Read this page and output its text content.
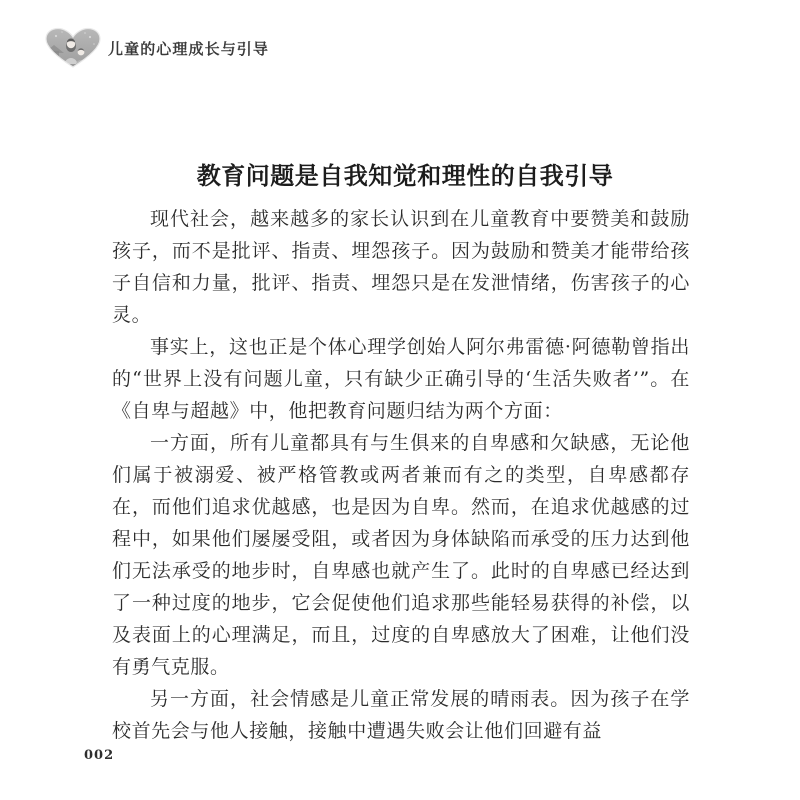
儿童的心理成长与引导
教育问题是自我知觉和理性的自我引导

现代社会，越来越多的家长认识到在儿童教育中要赞美和鼓励孩子，而不是批评、指责、埋怨孩子。因为鼓励和赞美才能带给孩子自信和力量，批评、指责、埋怨只是在发泄情绪，伤害孩子的心灵。

事实上，这也正是个体心理学创始人阿尔弗雷德·阿德勒曾指出的“世界上没有问题儿童，只有缺少正确引导的‘生活失败者’”。在《自卑与超越》中，他把教育问题归结为两个方面：

一方面，所有儿童都具有与生俱来的自卑感和欠缺感，无论他们属于被溺爱、被严格管教或两者兼而有之的类型，自卑感都存在，而他们追求优越感，也是因为自卑。然而，在追求优越感的过程中，如果他们屡屡受阻，或者因为身体缺陷而承受的压力达到他们无法承受的地步时，自卑感也就产生了。此时的自卑感已经达到了一种过度的地步，它会促使他们追求那些能轻易获得的补偿，以及表面上的心理满足，而且，过度的自卑感放大了困难，让他们没有勇气克服。

另一方面，社会情感是儿童正常发展的晴雨表。因为孩子在学校首先会与他人接触，接触中遭遇失败会让他们回避有益

002
